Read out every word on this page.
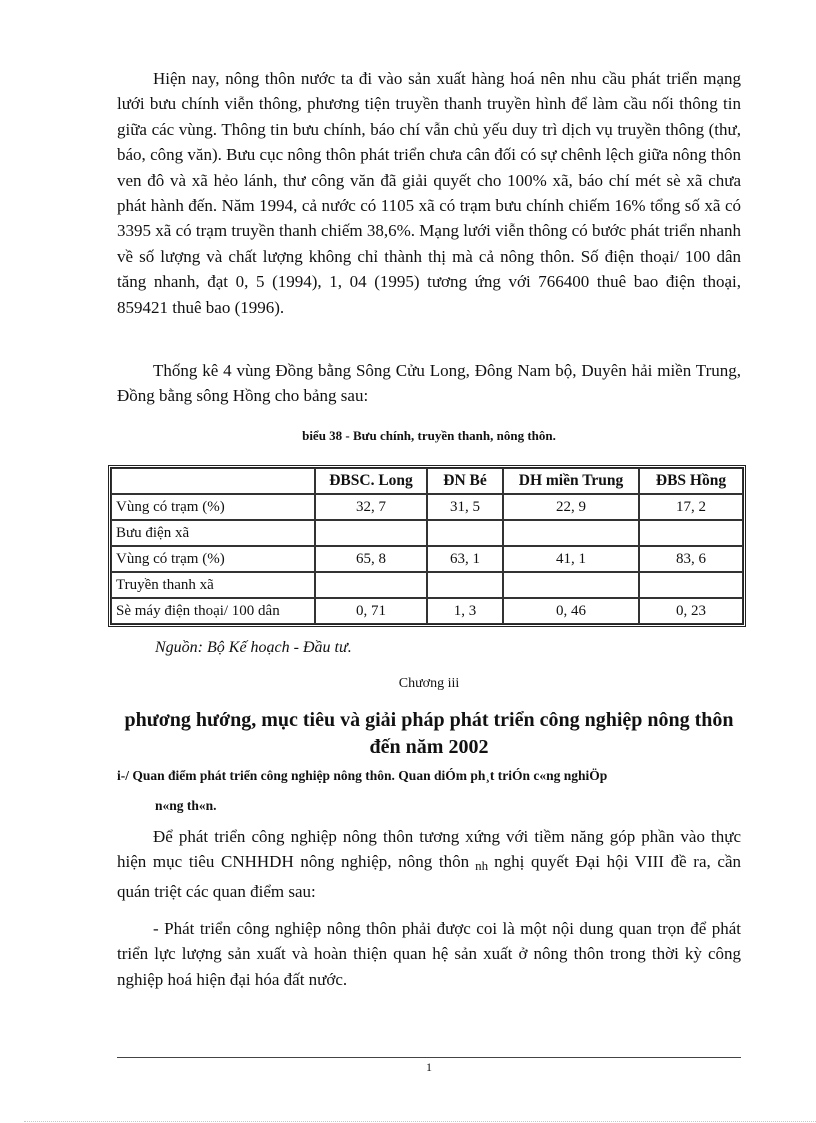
Hiện nay, nông thôn nước ta đi vào sản xuất hàng hoá nên nhu cầu phát triển mạng lưới bưu chính viễn thông, phương tiện truyền thanh truyền hình để làm cầu nối thông tin giữa các vùng. Thông tin bưu chính, báo chí vẫn chủ yếu duy trì dịch vụ truyền thông (thư, báo, công văn). Bưu cục nông thôn phát triển chưa cân đối có sự chênh lệch giữa nông thôn ven đô và xã hẻo lánh, thư công văn đã giải quyết cho 100% xã, báo chí mét sè xã chưa phát hành đến. Năm 1994, cả nước có 1105 xã có trạm bưu chính chiếm 16% tổng số xã có 3395 xã có trạm truyền thanh chiếm 38,6%. Mạng lưới viễn thông có bước phát triển nhanh về số lượng và chất lượng không chỉ thành thị mà cả nông thôn. Số điện thoại/ 100 dân tăng nhanh, đạt 0, 5 (1994), 1, 04 (1995) tương ứng với 766400 thuê bao điện thoại, 859421 thuê bao (1996).

Thống kê 4 vùng Đồng bằng Sông Cửu Long, Đông Nam bộ, Duyên hải miền Trung, Đồng bằng sông Hồng cho bảng sau:

biểu 38 - Bưu chính, truyền thanh, nông thôn.
	ĐBSC. Long	ĐN Bé	DH miền Trung	ĐBS Hồng
Vùng có trạm (%)	32, 7	31, 5	22, 9	17, 2
Bưu điện xã				
Vùng có trạm (%)	65, 8	63, 1	41, 1	83, 6
Truyền thanh xã				
Sè máy điện thoại/ 100 dân	0, 71	1, 3	0, 46	0, 23
Nguồn: Bộ Kế hoạch - Đầu tư.
Chương iii
phương hướng, mục tiêu và giải pháp phát triển công nghiệp nông thôn đến năm 2002
i-/ Quan điểm phát triển công nghiệp nông thôn. Quan diÓm ph¸t triÓn c«ng nghiÖp
n«ng th«n.

Để phát triển công nghiệp nông thôn tương xứng với tiềm năng góp phần vào thực hiện mục tiêu CNHHDH nông nghiệp, nông thôn $_{nh}$ nghị quyết Đại hội VIII đề ra, cần quán triệt các quan điểm sau:

- Phát triển công nghiệp nông thôn phải được coi là một nội dung quan trọn để phát triển lực lượng sản xuất và hoàn thiện quan hệ sản xuất ở nông thôn trong thời kỳ công nghiệp hoá hiện đại hóa đất nước.

1
